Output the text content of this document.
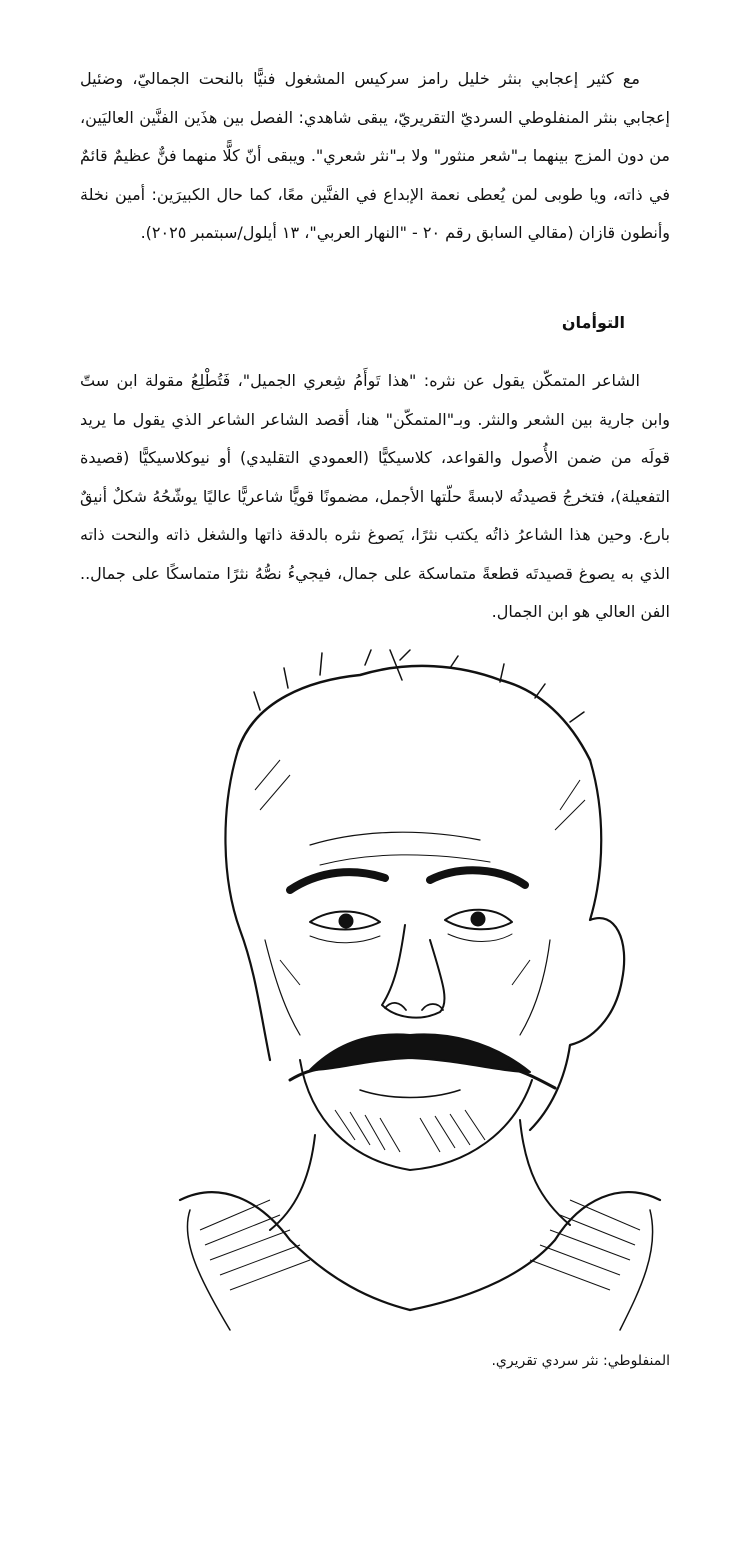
مع كثير إعجابي بنثر خليل رامز سركيس المشغول فنيًّا بالنحت الجماليّ، وضئيل إعجابي بنثر المنفلوطي السرديّ التقريريّ، يبقى شاهدي: الفصل بين هذَين الفنَّين العاليَين، من دون المزج بينهما بـ"شعر منثور" ولا بـ"نثر شعري". ويبقى أنّ كلًّا منهما فنٌّ عظيمٌ قائمٌ في ذاته، ويا طوبى لمن يُعطى نعمة الإبداع في الفنَّين معًا، كما حال الكبيرَين: أمين نخلة وأنطون قازان (مقالي السابق رقم ٢٠ - "النهار العربي"، ١٣ أيلول/سبتمبر ٢٠٢٥).

التوأمان

الشاعر المتمكّن يقول عن نثره: "هذا تَوأَمُ شِعري الجميل"، فَتُطْلِعُ مقولة ابن ستّ وابن جارية بين الشعر والنثر. وبـ"المتمكّن" هنا، أقصد الشاعر الشاعر الذي يقول ما يريد قولَه من ضمن الأُصول والقواعد، كلاسيكيًّا (العمودي التقليدي) أو نيوكلاسيكيًّا (قصيدة التفعيلة)، فتخرجُ قصيدتُه لابسةً حلّتها الأجمل، مضمونًا قويًّا شاعريًّا عاليًا يوشّحُهُ شكلٌ أنيقٌ بارع. وحين هذا الشاعرُ ذاتُه يكتب نثرًا، يَصوغ نثره بالدقة ذاتها والشغل ذاته والنحت ذاته الذي به يصوغ قصيدتَه قطعةً متماسكة على جمال، فيجيءُ نصُّهُ نثرًا متماسكًا على جمال.. الفن العالي هو ابن الجمال.

المنفلوطي: نثر سردي تقريري.
